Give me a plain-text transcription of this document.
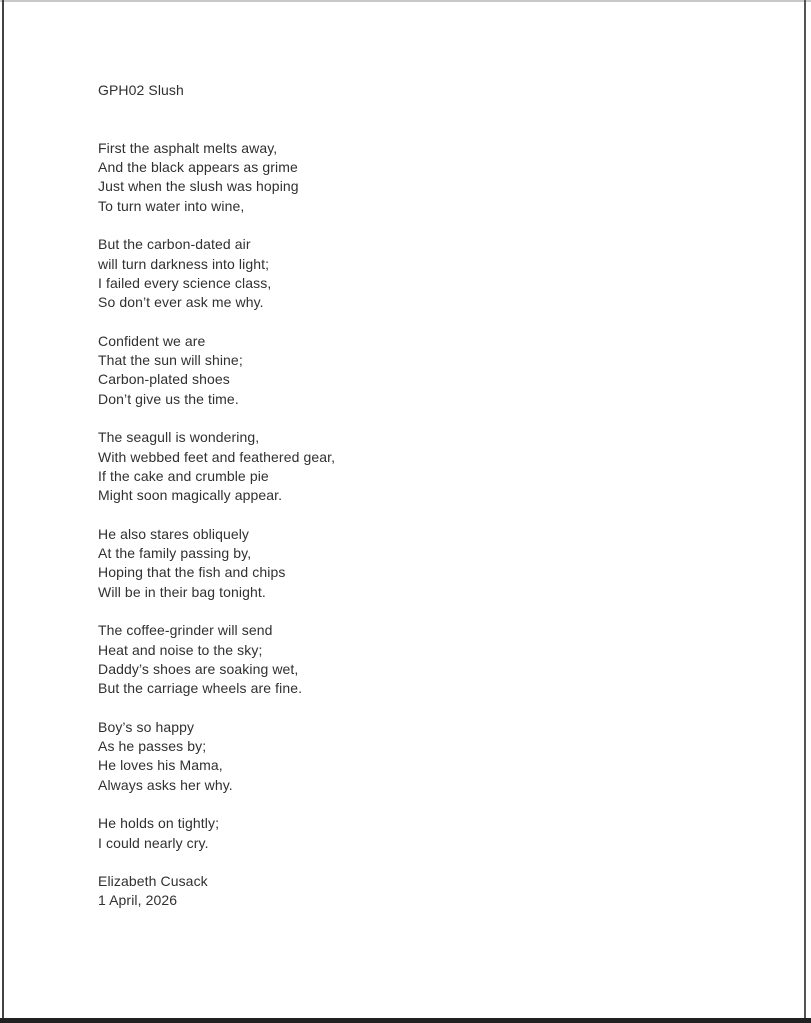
GPH02 Slush
First the asphalt melts away,
And the black appears as grime
Just when the slush was hoping
To turn water into wine,
But the carbon-dated air
will turn darkness into light;
I failed every science class,
So don’t ever ask me why.
Confident we are
That the sun will shine;
Carbon-plated shoes
Don’t give us the time.
The seagull is wondering,
With webbed feet and feathered gear,
If the cake and crumble pie
Might soon magically appear.
He also stares obliquely
At the family passing by,
Hoping that the fish and chips
Will be in their bag tonight.
The coffee-grinder will send
Heat and noise to the sky;
Daddy’s shoes are soaking wet,
But the carriage wheels are fine.
Boy’s so happy
As he passes by;
He loves his Mama,
Always asks her why.
He holds on tightly;
I could nearly cry.
Elizabeth Cusack
1 April, 2026
